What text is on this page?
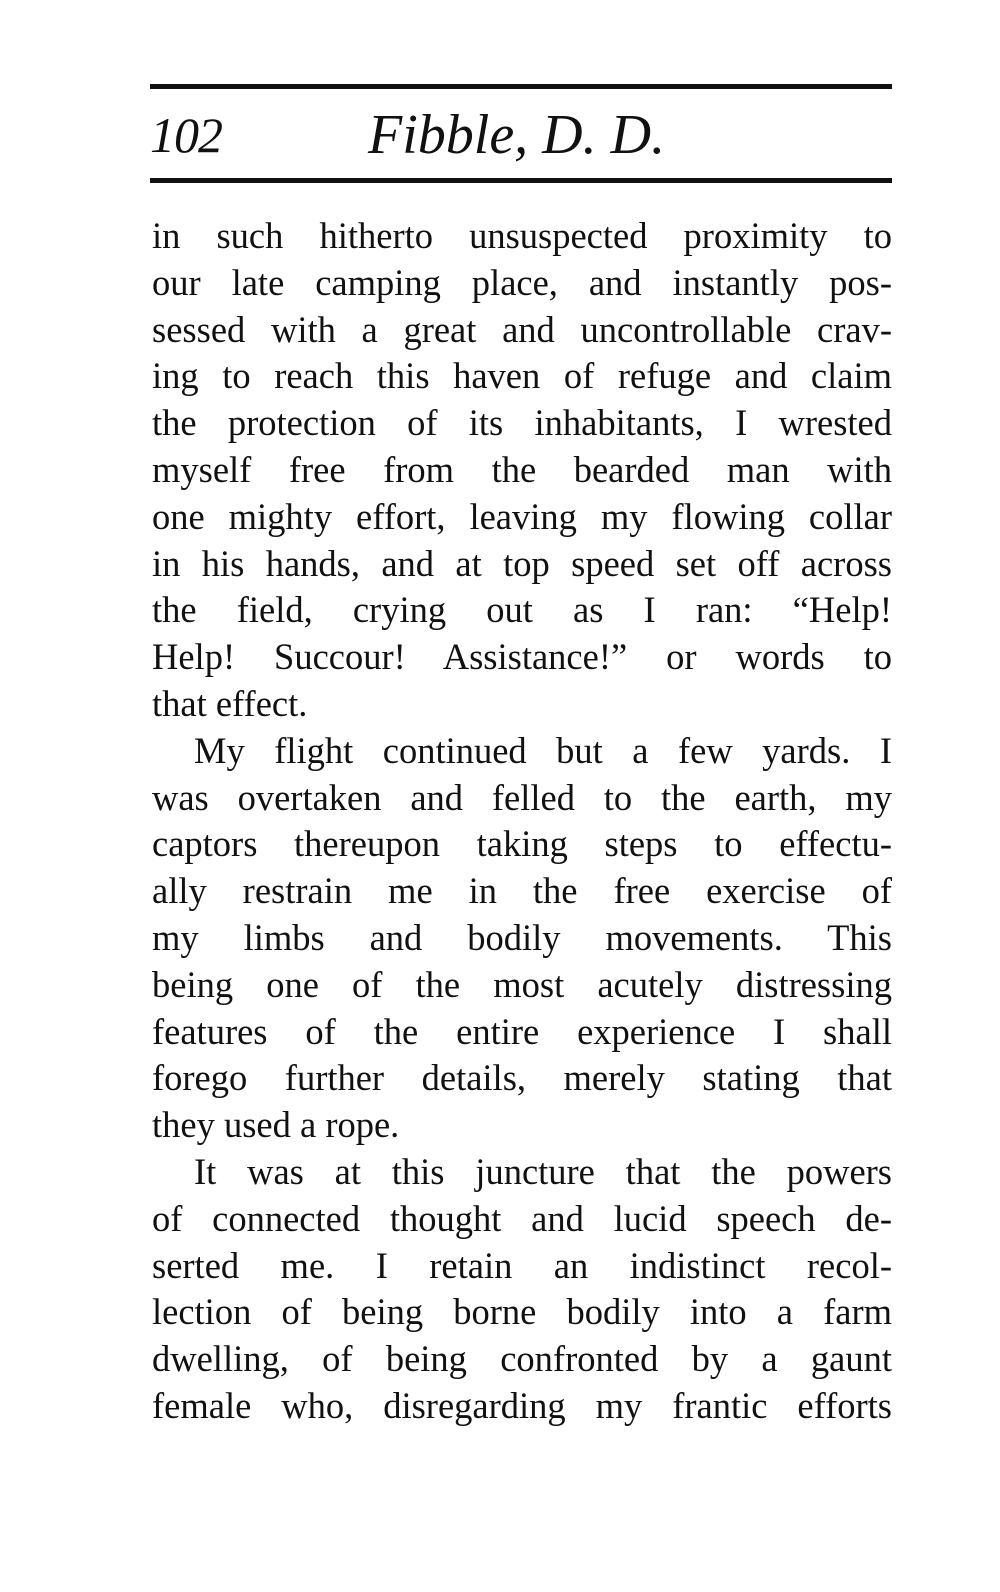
102	Fibble, D. D.
in such hitherto unsuspected proximity to
our late camping place, and instantly pos-
sessed with a great and uncontrollable crav-
ing to reach this haven of refuge and claim
the protection of its inhabitants, I wrested
myself free from the bearded man with
one mighty effort, leaving my flowing collar
in his hands, and at top speed set off across
the field, crying out as I ran: “Help!
Help! Succour! Assistance!” or words to
that effect.
My flight continued but a few yards. I
was overtaken and felled to the earth, my
captors thereupon taking steps to effectu-
ally restrain me in the free exercise of
my limbs and bodily movements. This
being one of the most acutely distressing
features of the entire experience I shall
forego further details, merely stating that
they used a rope.
It was at this juncture that the powers
of connected thought and lucid speech de-
serted me. I retain an indistinct recol-
lection of being borne bodily into a farm
dwelling, of being confronted by a gaunt
female who, disregarding my frantic efforts
